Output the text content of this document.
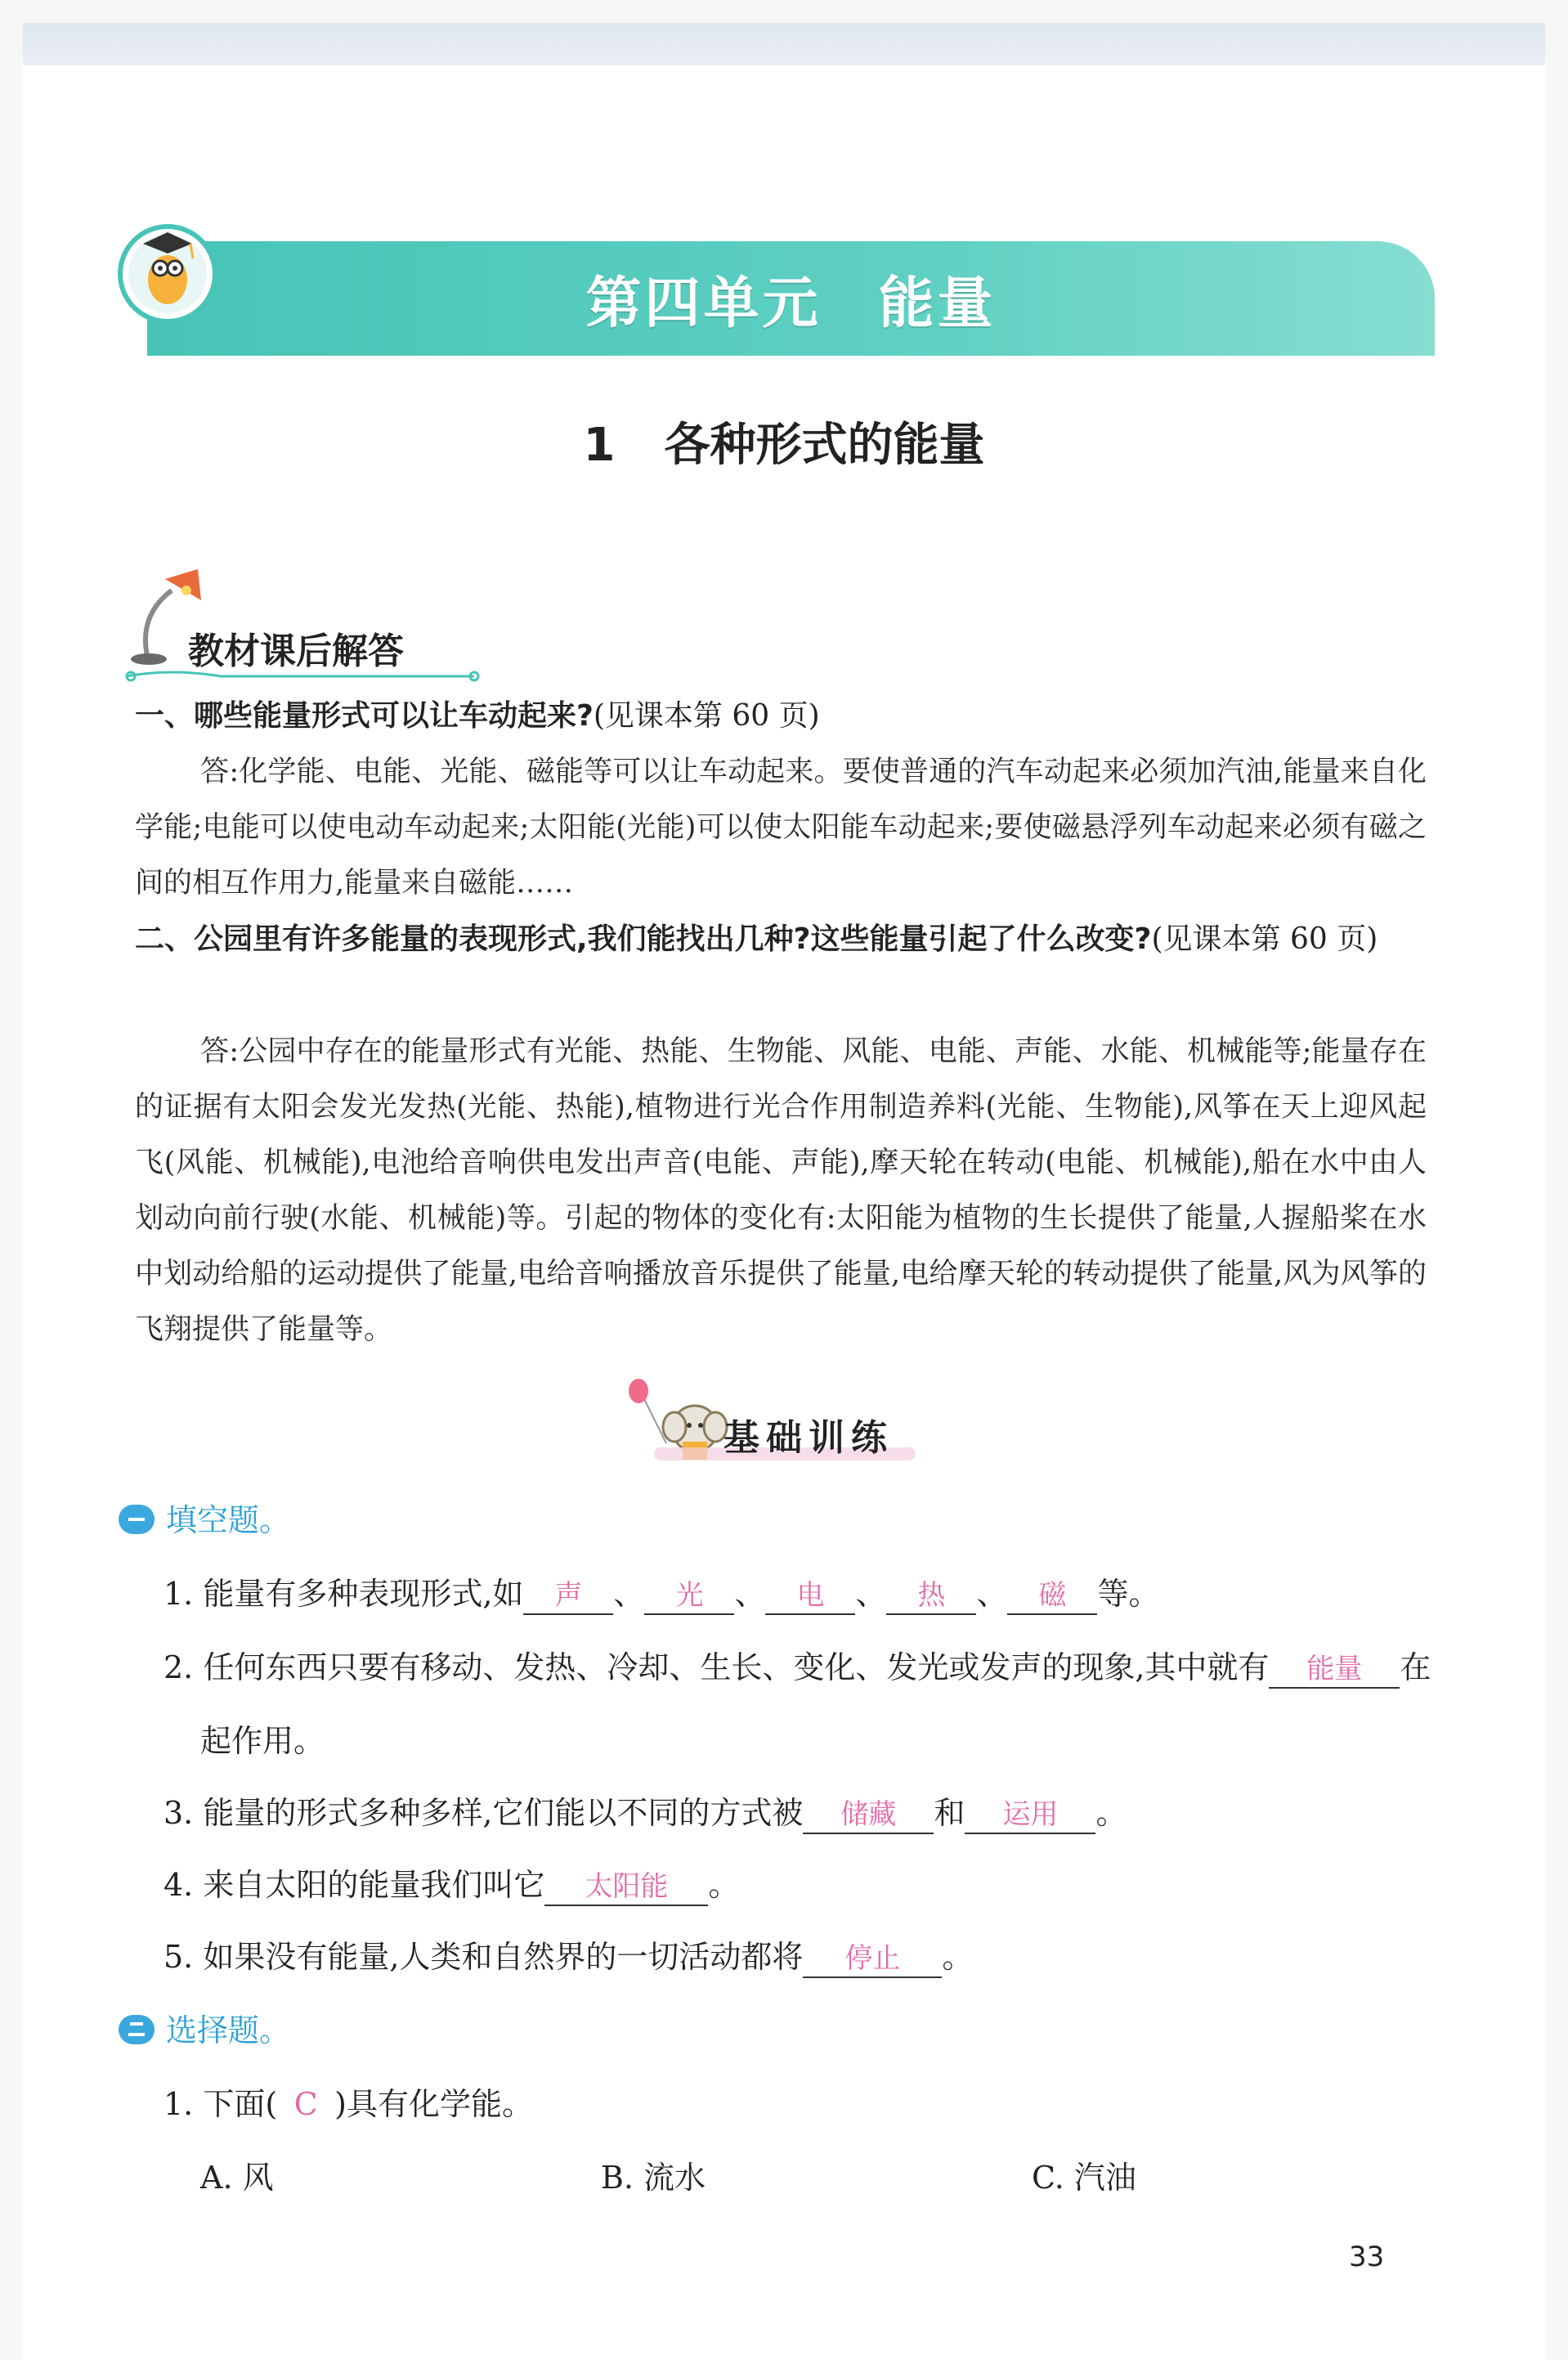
第四单元 能量
1 各种形式的能量
教材课后解答
一、哪些能量形式可以让车动起来?(见课本第 60 页)
答:化学能、电能、光能、磁能等可以让车动起来。要使普通的汽车动起来必须加汽油,能量来自化学能;电能可以使电动车动起来;太阳能(光能)可以使太阳能车动起来;要使磁悬浮列车动起来必须有磁之间的相互作用力,能量来自磁能……
二、公园里有许多能量的表现形式,我们能找出几种?这些能量引起了什么改变?(见课本第 60 页)
答:公园中存在的能量形式有光能、热能、生物能、风能、电能、声能、水能、机械能等;能量存在的证据有太阳会发光发热(光能、热能),植物进行光合作用制造养料(光能、生物能),风筝在天上迎风起飞(风能、机械能),电池给音响供电发出声音(电能、声能),摩天轮在转动(电能、机械能),船在水中由人划动向前行驶(水能、机械能)等。引起的物体的变化有:太阳能为植物的生长提供了能量,人握船桨在水中划动给船的运动提供了能量,电给音响播放音乐提供了能量,电给摩天轮的转动提供了能量,风为风筝的飞翔提供了能量等。
基础训练
填空题。
1. 能量有多种表现形式,如 声 、 光 、 电 、 热 、 磁 等。
2. 任何东西只要有移动、发热、冷却、生长、变化、发光或发声的现象,其中就有 能量 在
起作用。
3. 能量的形式多种多样,它们能以不同的方式被 储藏 和 运用 。
4. 来自太阳的能量我们叫它 太阳能 。
5. 如果没有能量,人类和自然界的一切活动都将 停止 。
选择题。
1. 下面( C )具有化学能。
A. 风	B. 流水	C. 汽油
33
